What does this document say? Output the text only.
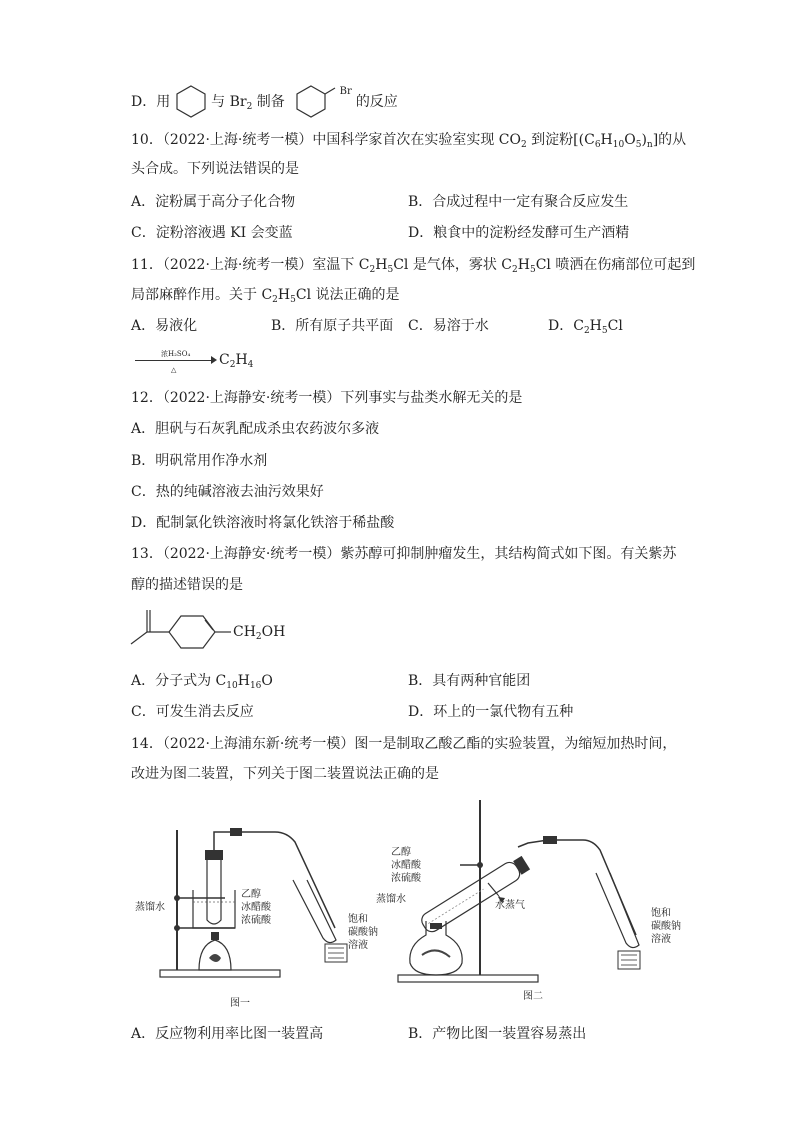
D．用	与 $Br_2$ 制备  $^{Br}$的反应
10．（2022·上海·统考一模）中国科学家首次在实验室实现 $CO_2$ 到淀粉$[(C_6H_{10}O_5)_n]$的从
头合成。下列说法错误的是
A．淀粉属于高分子化合物	B．合成过程中一定有聚合反应发生
C．淀粉溶液遇 KI 会变蓝	D．粮食中的淀粉经发酵可生产酒精
11．（2022·上海·统考一模）室温下 $C_2H_5Cl$ 是气体，雾状 $C_2H_5Cl$ 喷洒在伤痛部位可起到
局部麻醉作用。关于 $C_2H_5Cl$ 说法正确的是
A．易液化	B．所有原子共平面 C．易溶于水	D．$C_2H_5Cl$
浓H₂SO₄
△
$C_2H_4$
12．（2022·上海静安·统考一模）下列事实与盐类水解无关的是
A．胆矾与石灰乳配成杀虫农药波尔多液
B．明矾常用作净水剂
C．热的纯碱溶液去油污效果好
D．配制氯化铁溶液时将氯化铁溶于稀盐酸
13．（2022·上海静安·统考一模）紫苏醇可抑制肿瘤发生，其结构简式如下图。有关紫苏
醇的描述错误的是
$CH_2OH$
A．分子式为 $C_{10}H_{16}O$	B．具有两种官能团
C．可发生消去反应	D．环上的一氯代物有五种
14．（2022·上海浦东新·统考一模）图一是制取乙酸乙酯的实验装置，为缩短加热时间，
改进为图二装置，下列关于图二装置说法正确的是
蒸馏水
乙醇
冰醋酸
浓硫酸	饱和
碳酸钠
溶液
图一
乙醇
冰醋酸
浓硫酸
蒸馏水
水蒸气
饱和
碳酸钠
溶液
图二
A．反应物利用率比图一装置高	B．产物比图一装置容易蒸出
